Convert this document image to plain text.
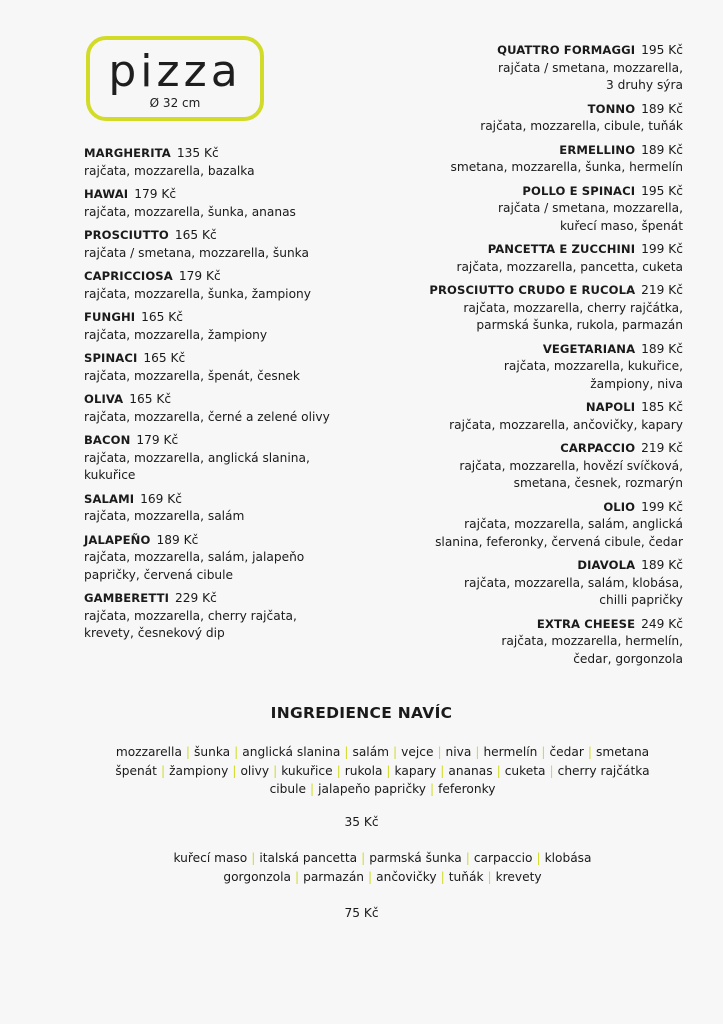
pizza
Ø 32 cm
MARGHERITA 135 Kč
rajčata, mozzarella, bazalka
HAWAI 179 Kč
rajčata, mozzarella, šunka, ananas
PROSCIUTTO 165 Kč
rajčata / smetana, mozzarella, šunka
CAPRICCIOSA 179 Kč
rajčata, mozzarella, šunka, žampiony
FUNGHI 165 Kč
rajčata, mozzarella, žampiony
SPINACI 165 Kč
rajčata, mozzarella, špenát, česnek
OLIVA 165 Kč
rajčata, mozzarella, černé a zelené olivy
BACON 179 Kč
rajčata, mozzarella, anglická slanina,
kukuřice
SALAMI 169 Kč
rajčata, mozzarella, salám
JALAPEÑO 189 Kč
rajčata, mozzarella, salám, jalapeňo
papričky, červená cibule
GAMBERETTI 229 Kč
rajčata, mozzarella, cherry rajčata,
krevety, česnekový dip
QUATTRO FORMAGGI 195 Kč
rajčata / smetana, mozzarella,
3 druhy sýra
TONNO 189 Kč
rajčata, mozzarella, cibule, tuňák
ERMELLINO 189 Kč
smetana, mozzarella, šunka, hermelín
POLLO E SPINACI 195 Kč
rajčata / smetana, mozzarella,
kuřecí maso, špenát
PANCETTA E ZUCCHINI 199 Kč
rajčata, mozzarella, pancetta, cuketa
PROSCIUTTO CRUDO E RUCOLA 219 Kč
rajčata, mozzarella, cherry rajčátka,
parmská šunka, rukola, parmazán
VEGETARIANA 189 Kč
rajčata, mozzarella, kukuřice,
žampiony, niva
NAPOLI 185 Kč
rajčata, mozzarella, ančovičky, kapary
CARPACCIO 219 Kč
rajčata, mozzarella, hovězí svíčková,
smetana, česnek, rozmarýn
OLIO 199 Kč
rajčata, mozzarella, salám, anglická
slanina, feferonky, červená cibule, čedar
DIAVOLA 189 Kč
rajčata, mozzarella, salám, klobása,
chilli papričky
EXTRA CHEESE 249 Kč
rajčata, mozzarella, hermelín,
čedar, gorgonzola
INGREDIENCE NAVÍC
mozzarella | šunka | anglická slanina | salám | vejce | niva | hermelín | čedar | smetana
špenát | žampiony | olivy | kukuřice | rukola | kapary | ananas | cuketa | cherry rajčátka
cibule | jalapeňo papričky | feferonky
35 Kč
kuřecí maso | italská pancetta | parmská šunka | carpaccio | klobása
gorgonzola | parmazán | ančovičky | tuňák | krevety
75 Kč
